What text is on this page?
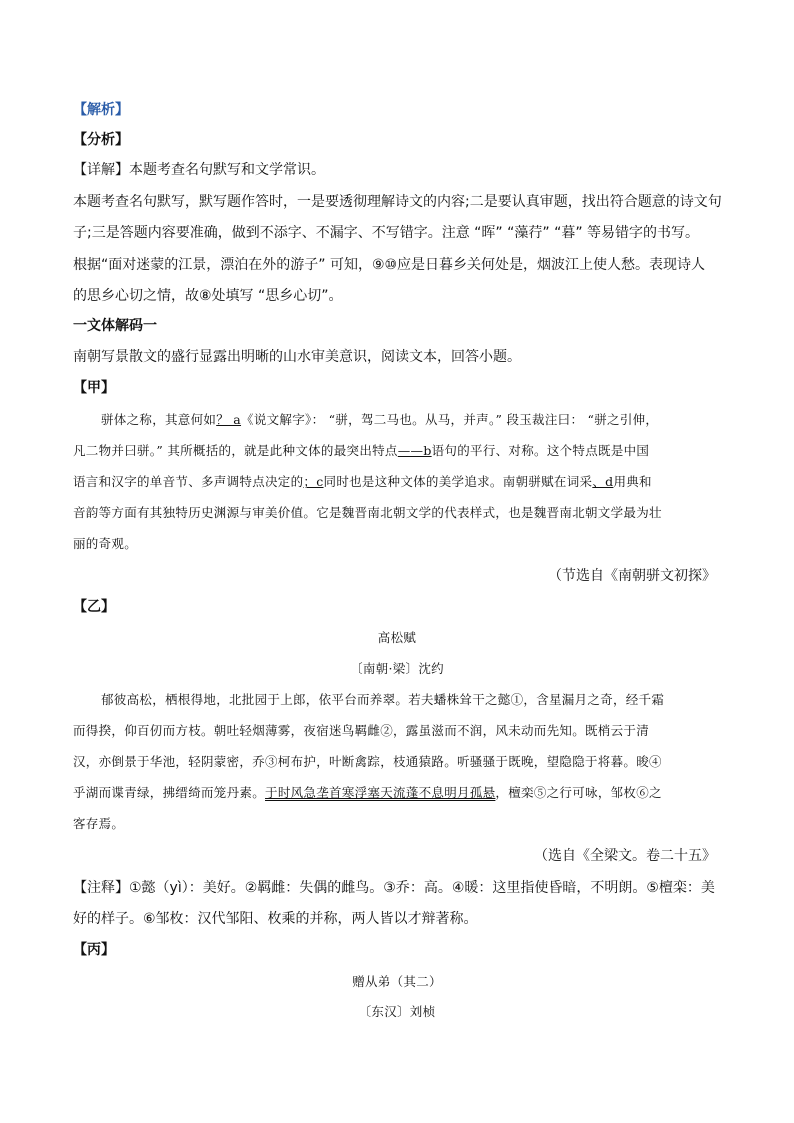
【解析】
【分析】
【详解】本题考查名句默写和文学常识。
本题考查名句默写，默写题作答时，一是要透彻理解诗文的内容;二是要认真审题，找出符合题意的诗文句
子;三是答题内容要准确，做到不添字、不漏字、不写错字。注意 “晖” “藻荇” “暮” 等易错字的书写。
根据“面对迷蒙的江景，漂泊在外的游子” 可知，⑨⑩应是日暮乡关何处是，烟波江上使人愁。表现诗人
的思乡心切之情，故⑧处填写 “思乡心切”。
一文体解码一
南朝写景散文的盛行显露出明晰的山水审美意识，阅读文本，回答小题。
【甲】
骈体之称，其意何如？ a《说文解字》： “骈，驾二马也。从马，并声。” 段玉裁注曰： “骈之引伸，
凡二物并曰骈。” 其所概括的，就是此种文体的最突出特点——b语句的平行、对称。这个特点既是中国
语言和汉字的单音节、多声调特点决定的；c同时也是这种文体的美学追求。南朝骈赋在词采、d用典和
音韵等方面有其独特历史渊源与审美价值。它是魏晋南北朝文学的代表样式，也是魏晋南北朝文学最为壮
丽的奇观。
（节选自《南朝骈文初探》
【乙】
高松赋
〔南朝·梁〕沈约
郁彼高松，栖根得地，北批园于上郎，依平台而养翠。若夫蟠株耸干之懿①，含星漏月之奇，经千霜
而得揆，仰百仞而方枝。朝吐轻烟薄雾，夜宿迷鸟羁雌②，露虽滋而不润，风未动而先知。既梢云于清
汉，亦倒景于华池，轻阴蒙密，乔③柯布护，叶断禽踪，枝通猿路。听骚骚于既晚，望隐隐于将暮。晙④
乎湖而谍青绿，拂缙绮而笼丹素。于时风急垄首寒浮塞天流蓬不息明月孤悬，檀栾⑤之行可咏，邹枚⑥之
客存焉。
（选自《全梁文。卷二十五》
【注释】①懿（yì）：美好。②羁雌：失偶的雌鸟。③乔：高。④暖：这里指使昏暗，不明朗。⑤檀栾：美
好的样子。⑥邹枚：汉代邹阳、枚乘的并称，两人皆以才辩著称。
【丙】
赠从弟（其二）
〔东汉〕刘桢
